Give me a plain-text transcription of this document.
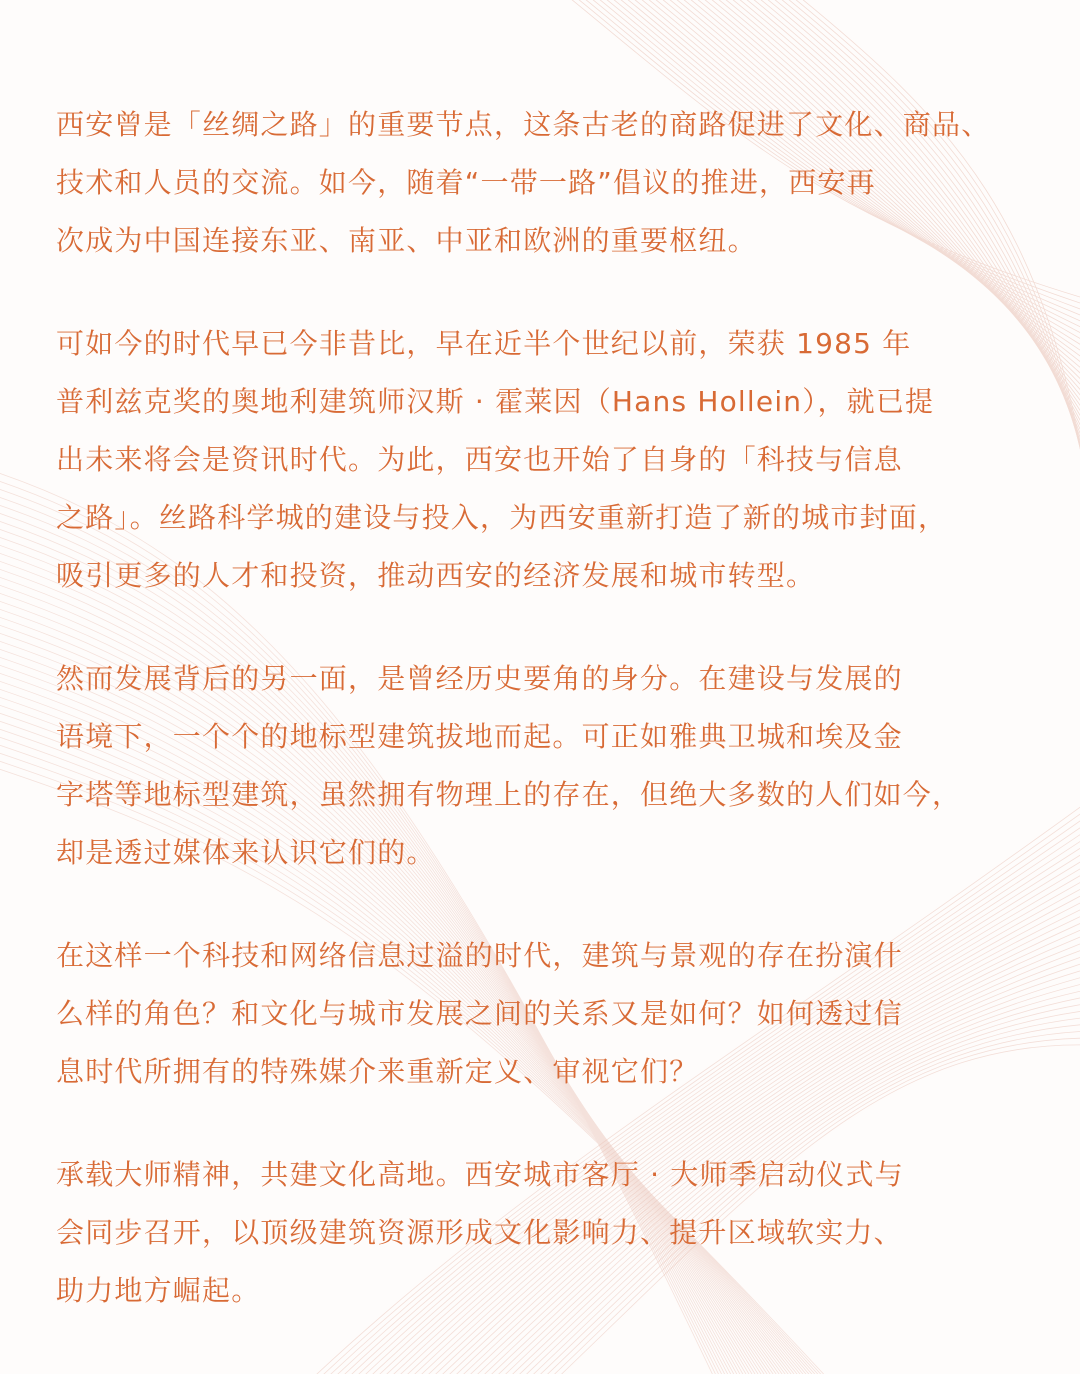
西安曾是「丝绸之路」的重要节点，这条古老的商路促进了文化、商品、
技术和人员的交流。如今，随着“一带一路”倡议的推进，西安再
次成为中国连接东亚、南亚、中亚和欧洲的重要枢纽。

可如今的时代早已今非昔比，早在近半个世纪以前，荣获 1985 年
普利兹克奖的奥地利建筑师汉斯 · 霍莱因（Hans Hollein），就已提
出未来将会是资讯时代。为此，西安也开始了自身的「科技与信息
之路」。丝路科学城的建设与投入，为西安重新打造了新的城市封面，
吸引更多的人才和投资，推动西安的经济发展和城市转型。

然而发展背后的另一面，是曾经历史要角的身分。在建设与发展的
语境下，一个个的地标型建筑拔地而起。可正如雅典卫城和埃及金
字塔等地标型建筑，虽然拥有物理上的存在，但绝大多数的人们如今，
却是透过媒体来认识它们的。

在这样一个科技和网络信息过溢的时代，建筑与景观的存在扮演什
么样的角色？和文化与城市发展之间的关系又是如何？如何透过信
息时代所拥有的特殊媒介来重新定义、审视它们？

承载大师精神，共建文化高地。西安城市客厅 · 大师季启动仪式与
会同步召开，以顶级建筑资源形成文化影响力、提升区域软实力、
助力地方崛起。
